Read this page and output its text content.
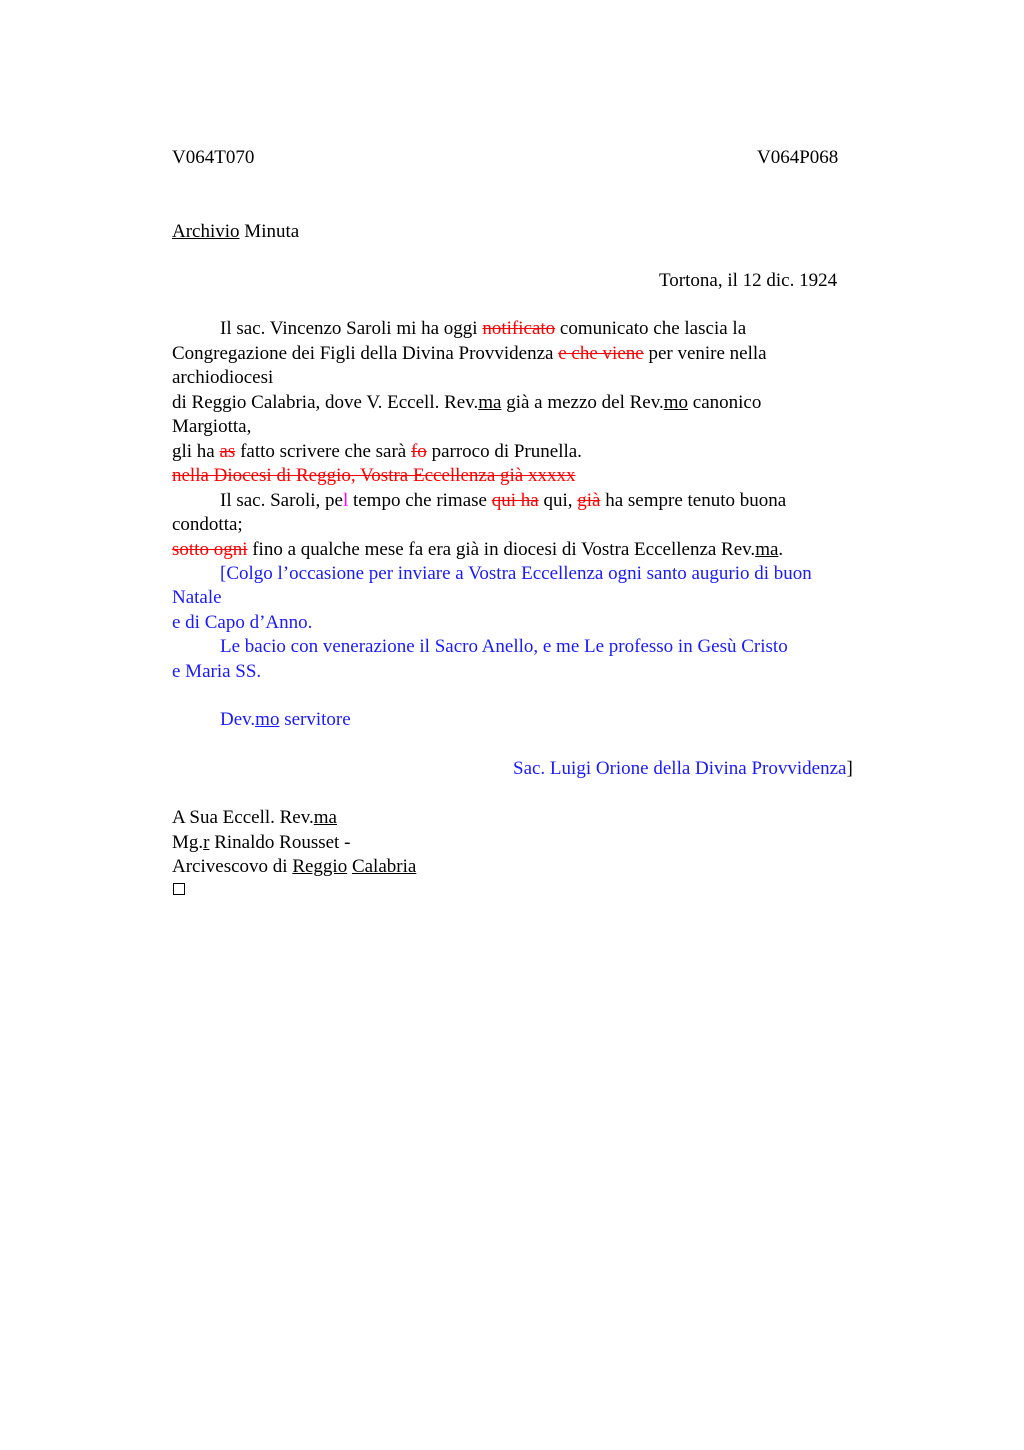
V064T070	V064P068
Archivio Minuta
Tortona, il 12 dic. 1924
Il sac. Vincenzo Saroli mi ha oggi notificato comunicato che lascia la
Congregazione dei Figli della Divina Provvidenza e che viene per venire nella
archiodiocesi
di Reggio Calabria, dove V. Eccell. Rev.ma già a mezzo del Rev.mo canonico
Margiotta,
gli ha as fatto scrivere che sarà fo parroco di Prunella.
nella Diocesi di Reggio, Vostra Eccellenza già xxxxx
Il sac. Saroli, pel tempo che rimase qui ha qui, già ha sempre tenuto buona
condotta;
sotto ogni fino a qualche mese fa era già in diocesi di Vostra Eccellenza Rev.ma.
[Colgo l’occasione per inviare a Vostra Eccellenza ogni santo augurio di buon
Natale
e di Capo d’Anno.
Le bacio con venerazione il Sacro Anello, e me Le professo in Gesù Cristo
e Maria SS.
Dev.mo servitore
Sac. Luigi Orione della Divina Provvidenza]
A Sua Eccell. Rev.ma
Mg.r Rinaldo Rousset -
Arcivescovo di Reggio Calabria
